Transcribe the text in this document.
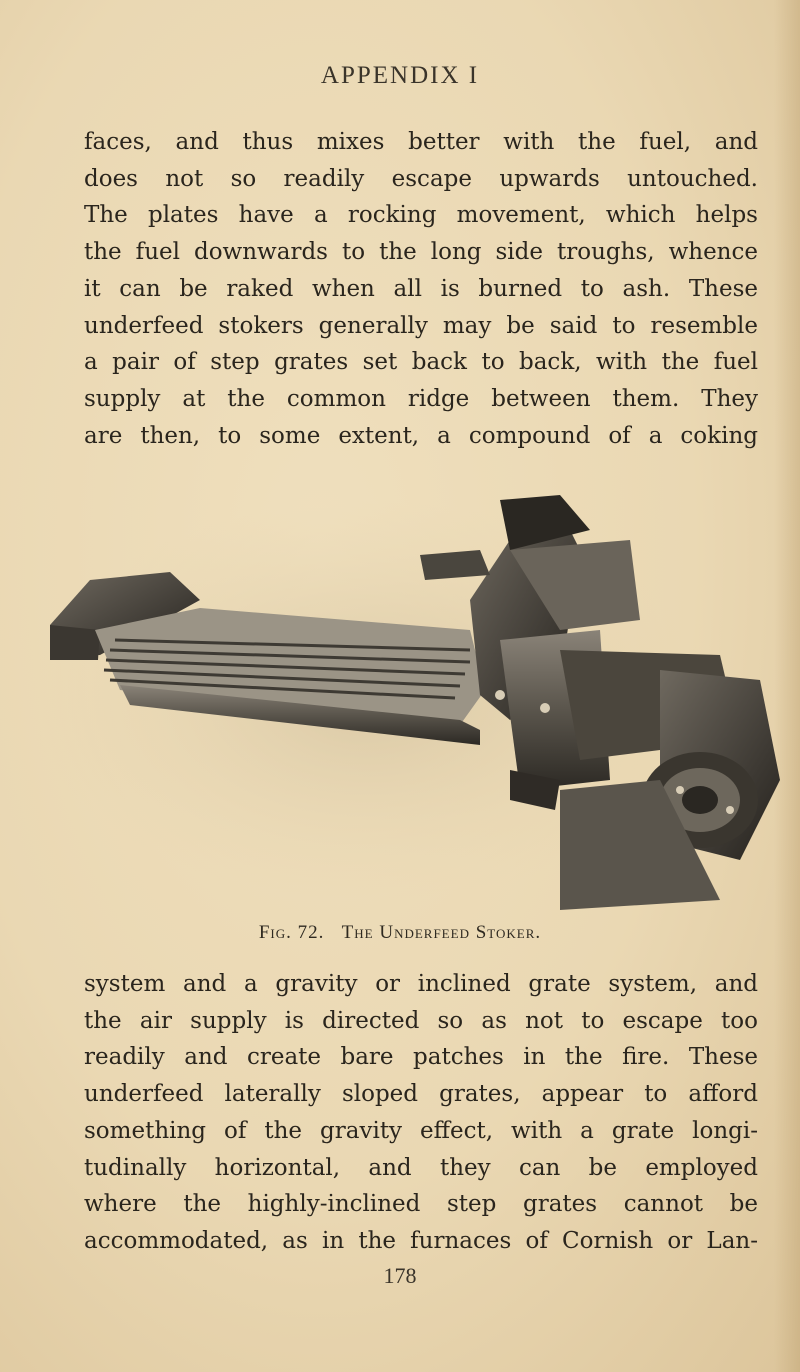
APPENDIX I
faces, and thus mixes better with the fuel, and
does not so readily escape upwards untouched.
The plates have a rocking movement, which helps
the fuel downwards to the long side troughs, whence
it can be raked when all is burned to ash. These
underfeed stokers generally may be said to resemble
a pair of step grates set back to back, with the fuel
supply at the common ridge between them. They
are then, to some extent, a compound of a coking
Fig. 72. The Underfeed Stoker.
system and a gravity or inclined grate system, and
the air supply is directed so as not to escape too
readily and create bare patches in the fire. These
underfeed laterally sloped grates, appear to afford
something of the gravity effect, with a grate longi-
tudinally horizontal, and they can be employed
where the highly-inclined step grates cannot be
accommodated, as in the furnaces of Cornish or Lan-
178
